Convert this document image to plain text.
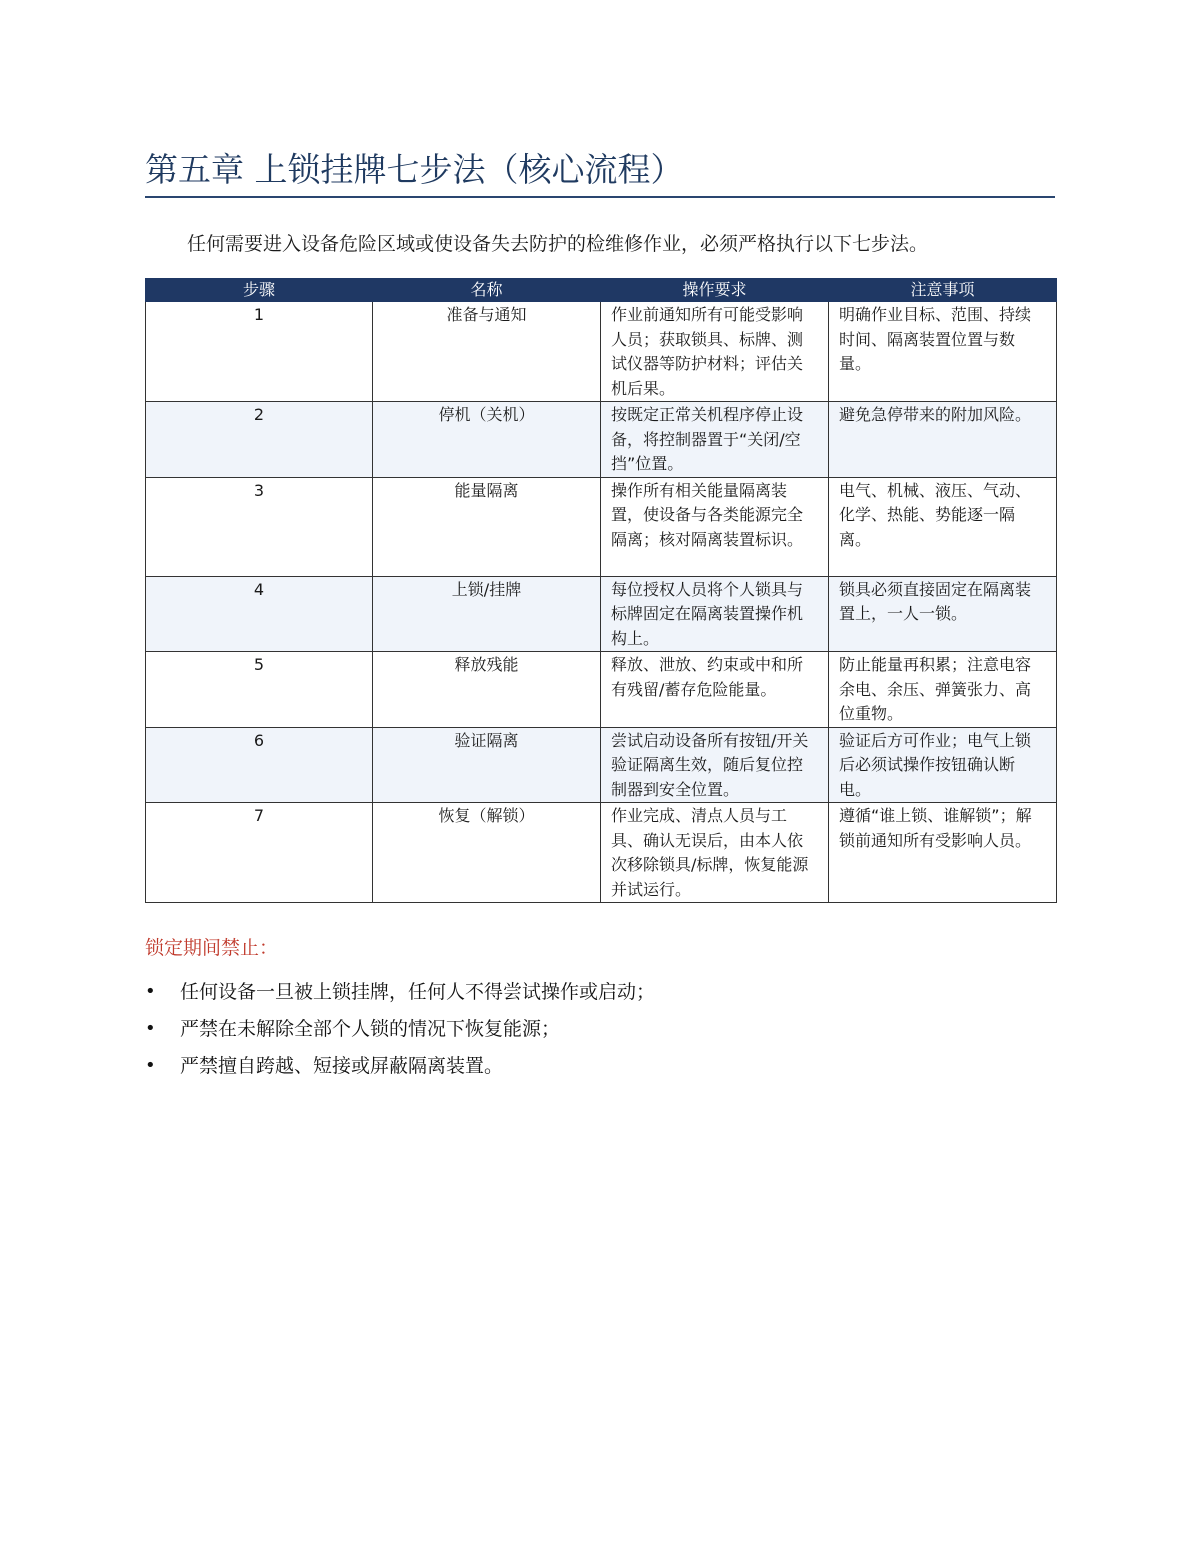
第五章 上锁挂牌七步法（核心流程）
任何需要进入设备危险区域或使设备失去防护的检维修作业，必须严格执行以下七步法。
步骤	名称	操作要求	注意事项
1	准备与通知	作业前通知所有可能受影响人员；获取锁具、标牌、测试仪器等防护材料；评估关机后果。	明确作业目标、范围、持续时间、隔离装置位置与数量。
2	停机（关机）	按既定正常关机程序停止设备，将控制器置于“关闭/空挡”位置。	避免急停带来的附加风险。
3	能量隔离	操作所有相关能量隔离装置，使设备与各类能源完全隔离；核对隔离装置标识。	电气、机械、液压、气动、化学、热能、势能逐一隔离。
4	上锁/挂牌	每位授权人员将个人锁具与标牌固定在隔离装置操作机构上。	锁具必须直接固定在隔离装置上，一人一锁。
5	释放残能	释放、泄放、约束或中和所有残留/蓄存危险能量。	防止能量再积累；注意电容余电、余压、弹簧张力、高位重物。
6	验证隔离	尝试启动设备所有按钮/开关验证隔离生效，随后复位控制器到安全位置。	验证后方可作业；电气上锁后必须试操作按钮确认断电。
7	恢复（解锁）	作业完成、清点人员与工具、确认无误后，由本人依次移除锁具/标牌，恢复能源并试运行。	遵循“谁上锁、谁解锁”；解锁前通知所有受影响人员。
锁定期间禁止：
• 任何设备一旦被上锁挂牌，任何人不得尝试操作或启动；
• 严禁在未解除全部个人锁的情况下恢复能源；
• 严禁擅自跨越、短接或屏蔽隔离装置。
